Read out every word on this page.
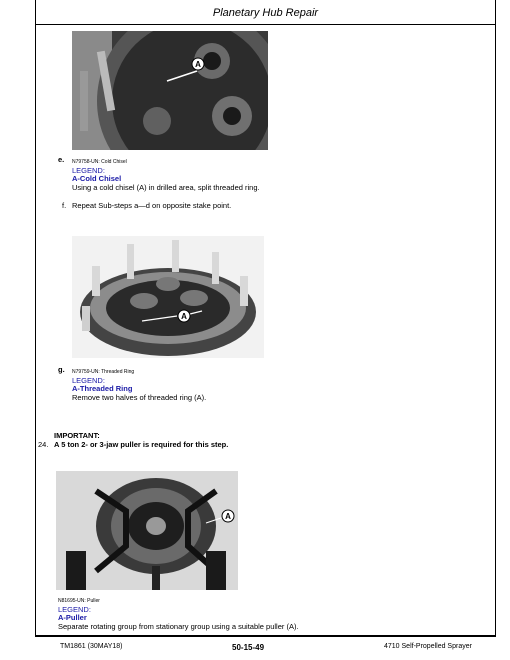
Planetary Hub Repair
A
e. N79758-UN: Cold Chisel
LEGEND:
A-Cold Chisel
Using a cold chisel (A) in drilled area, split threaded ring.
f. Repeat Sub-steps a—d on opposite stake point.
A
g. N79759-UN: Threaded Ring
LEGEND:
A-Threaded Ring
Remove two halves of threaded ring (A).
IMPORTANT:
24. A 5 ton 2- or 3-jaw puller is required for this step.
A
N81695-UN: Puller
LEGEND:
A-Puller
Separate rotating group from stationary group using a suitable puller (A).
TM1861 (30MAY18)	50-15-49	4710 Self-Propelled Sprayer
